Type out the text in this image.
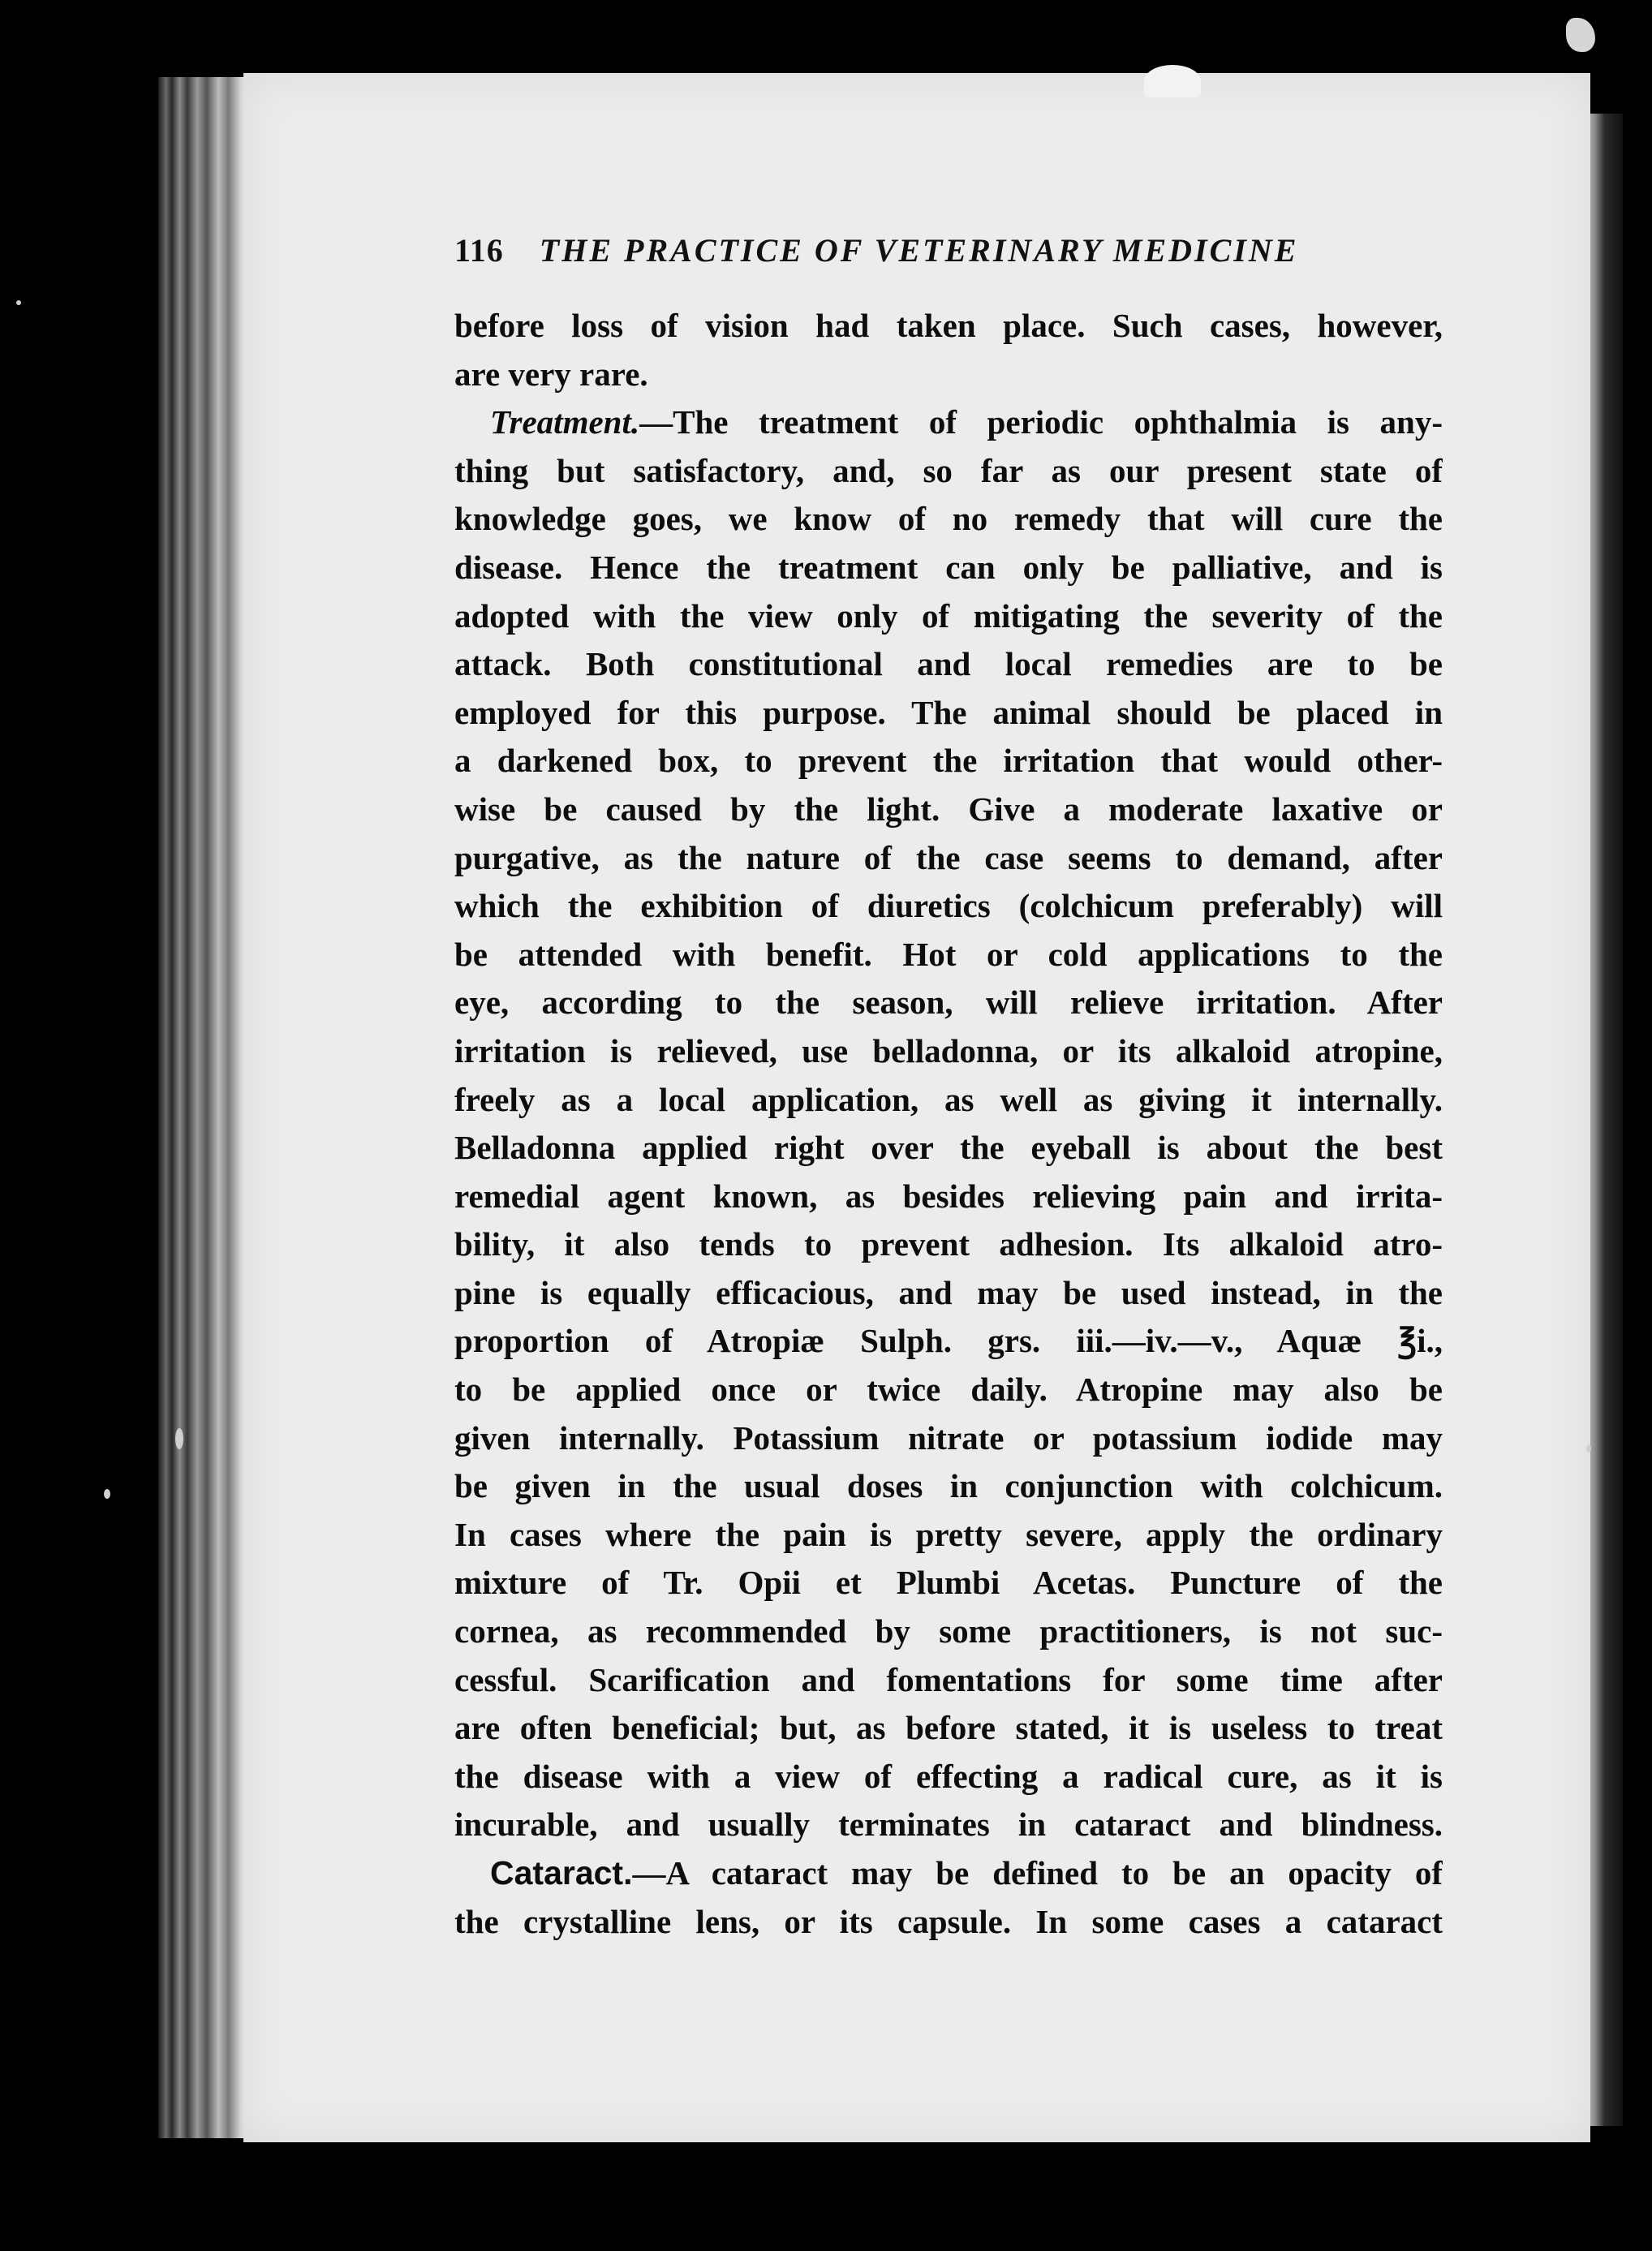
116 THE PRACTICE OF VETERINARY MEDICINE
before loss of vision had taken place. Such cases, however,
are very rare.
Treatment.—The treatment of periodic ophthalmia is any-
thing but satisfactory, and, so far as our present state of
knowledge goes, we know of no remedy that will cure the
disease. Hence the treatment can only be palliative, and is
adopted with the view only of mitigating the severity of the
attack. Both constitutional and local remedies are to be
employed for this purpose. The animal should be placed in
a darkened box, to prevent the irritation that would other-
wise be caused by the light. Give a moderate laxative or
purgative, as the nature of the case seems to demand, after
which the exhibition of diuretics (colchicum preferably) will
be attended with benefit. Hot or cold applications to the
eye, according to the season, will relieve irritation. After
irritation is relieved, use belladonna, or its alkaloid atropine,
freely as a local application, as well as giving it internally.
Belladonna applied right over the eyeball is about the best
remedial agent known, as besides relieving pain and irrita-
bility, it also tends to prevent adhesion. Its alkaloid atro-
pine is equally efficacious, and may be used instead, in the
proportion of Atropiæ Sulph. grs. iii.—iv.—v., Aquæ ℥i.,
to be applied once or twice daily. Atropine may also be
given internally. Potassium nitrate or potassium iodide may
be given in the usual doses in conjunction with colchicum.
In cases where the pain is pretty severe, apply the ordinary
mixture of Tr. Opii et Plumbi Acetas. Puncture of the
cornea, as recommended by some practitioners, is not suc-
cessful. Scarification and fomentations for some time after
are often beneficial; but, as before stated, it is useless to treat
the disease with a view of effecting a radical cure, as it is
incurable, and usually terminates in cataract and blindness.
Cataract.—A cataract may be defined to be an opacity of
the crystalline lens, or its capsule. In some cases a cataract
